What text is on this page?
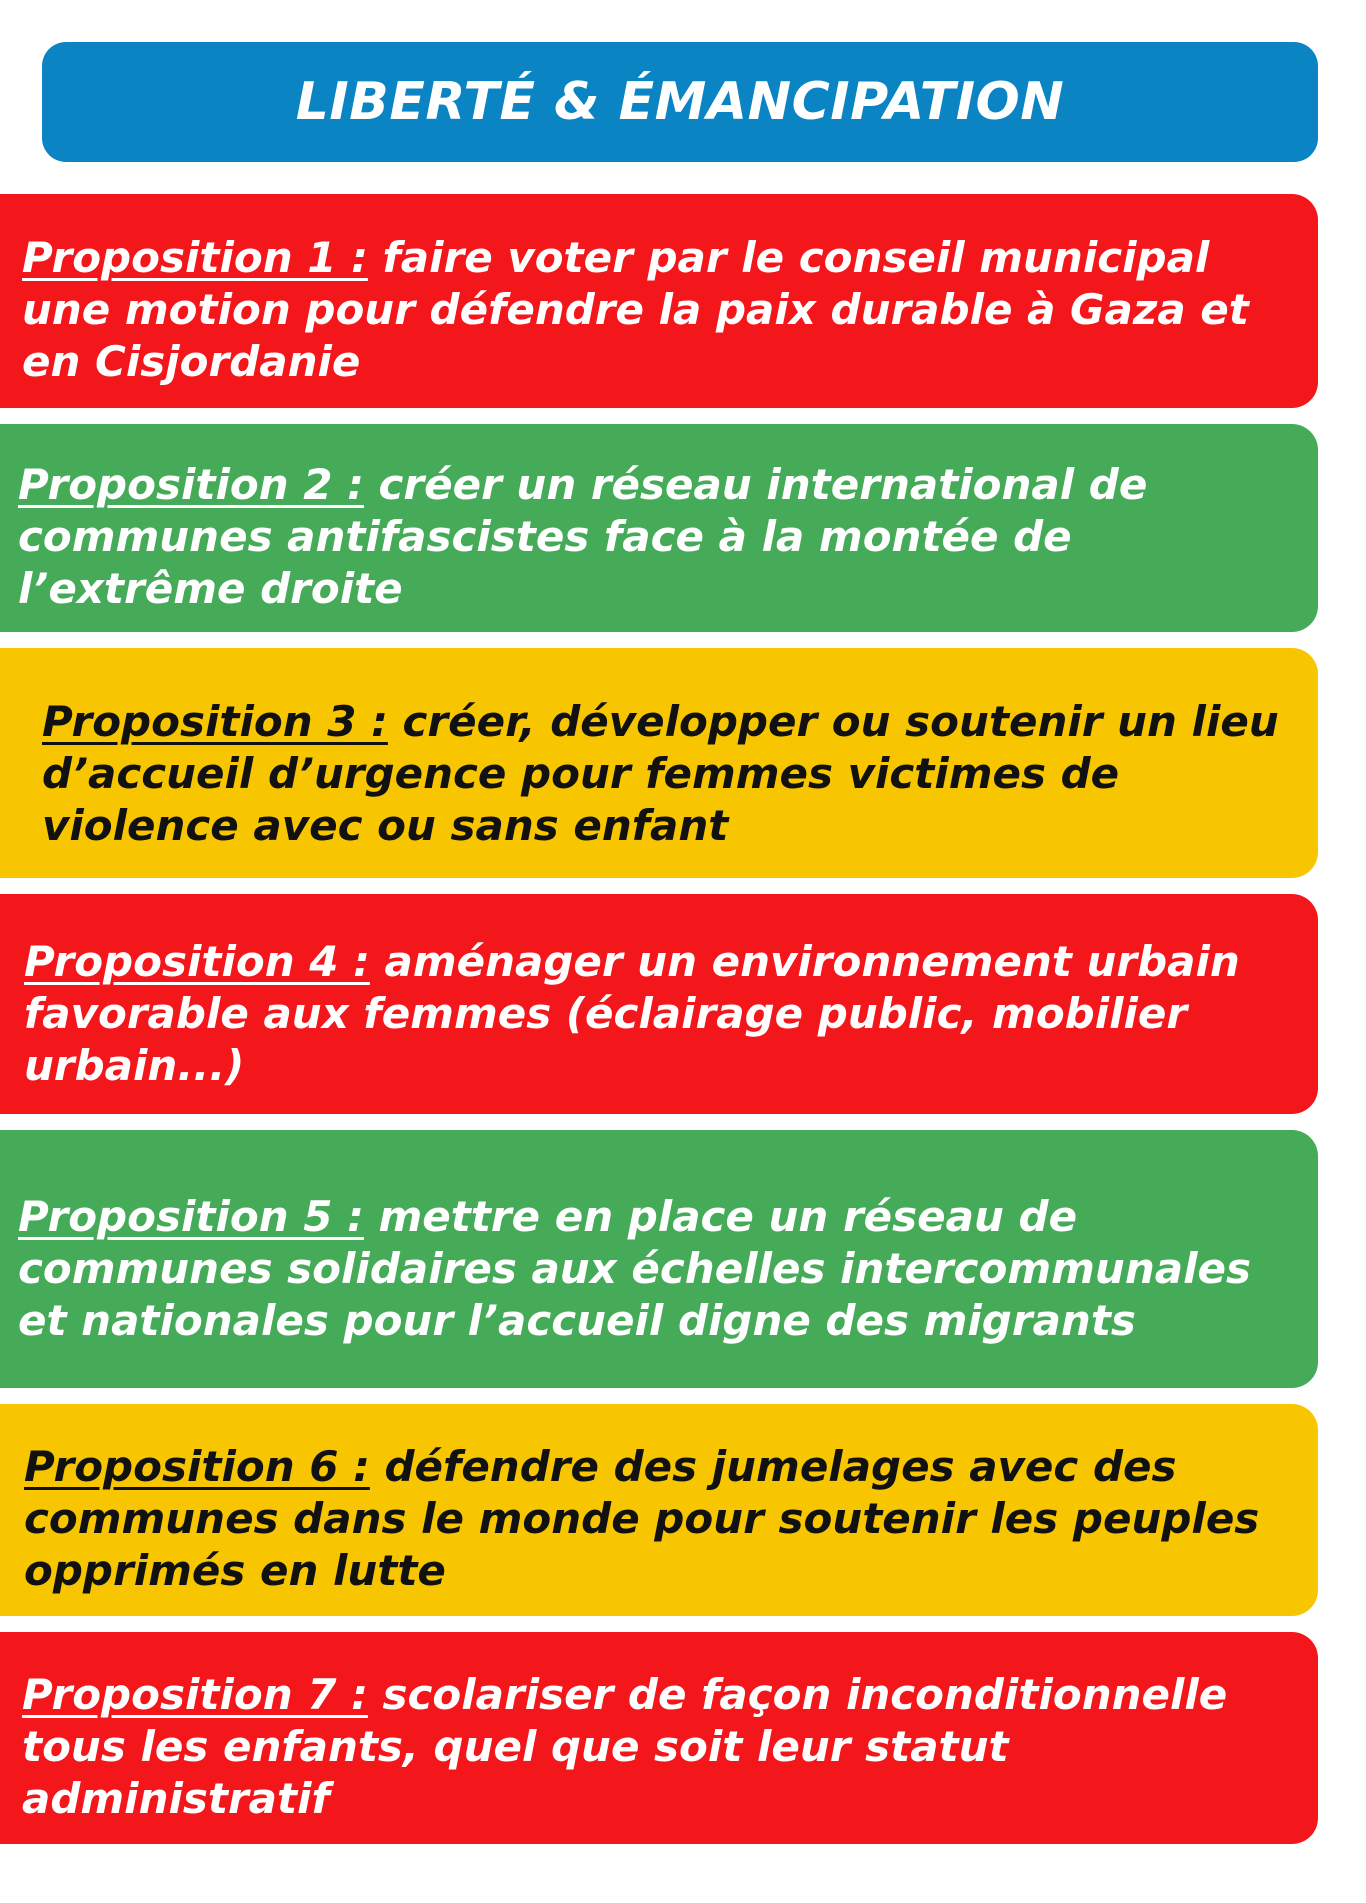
LIBERTÉ & ÉMANCIPATION

Proposition 1 : faire voter par le conseil municipal une motion pour défendre la paix durable à Gaza et en Cisjordanie

Proposition 2 : créer un réseau international de communes antifascistes face à la montée de l’extrême droite

Proposition 3 : créer, développer ou soutenir un lieu d’accueil d’urgence pour femmes victimes de violence avec ou sans enfant

Proposition 4 : aménager un environnement urbain favorable aux femmes (éclairage public, mobilier urbain...)

Proposition 5 : mettre en place un réseau de communes solidaires aux échelles intercommunales et nationales pour l’accueil digne des migrants

Proposition 6 : défendre des jumelages avec des communes dans le monde pour soutenir les peuples opprimés en lutte

Proposition 7 : scolariser de façon inconditionnelle tous les enfants, quel que soit leur statut administratif
